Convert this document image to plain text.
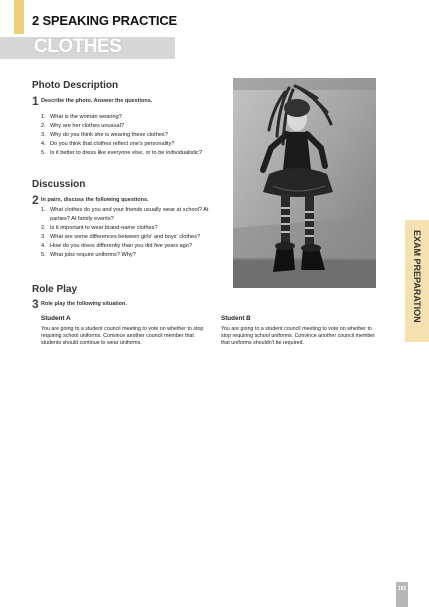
2 SPEAKING PRACTICE
CLOTHES
Photo Description
1 Describe the photo. Answer the questions.
1. What is the woman wearing?
2. Why are her clothes unusual?
3. Why do you think she is wearing these clothes?
4. Do you think that clothes reflect one's personality?
5. Is it better to dress like everyone else, or to be individualistic?
Discussion
2 In pairs, discuss the following questions.
1. What clothes do you and your friends usually wear at school? At parties? At family events?
2. Is it important to wear brand-name clothes?
3. What are some differences between girls' and boys' clothes?
4. How do you dress differently than you did five years ago?
5. What jobs require uniforms? Why?
Role Play
3 Role play the following situation.
Student A
You are going to a student council meeting to vote on whether to stop requiring school uniforms. Convince another council member that students should continue to wear uniforms.
Student B
You are going to a student council meeting to vote on whether to stop requiring school uniforms. Convince another council member that uniforms shouldn't be required.
EXAM PREPARATION
105
